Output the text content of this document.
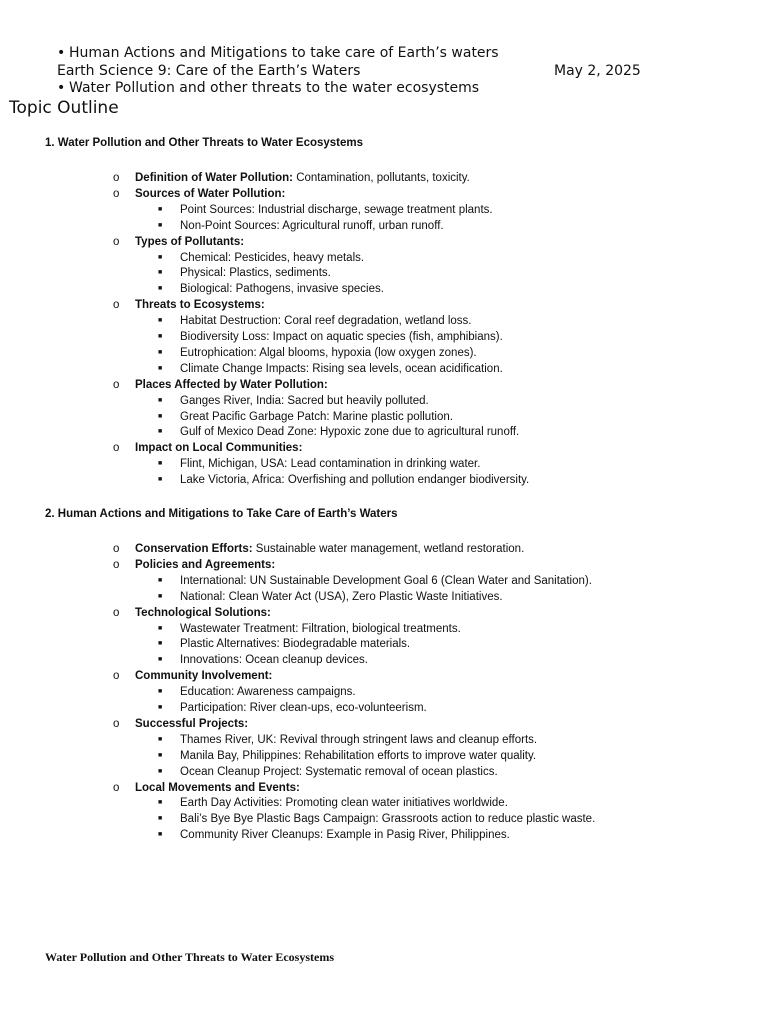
• Human Actions and Mitigations to take care of Earth’s waters
Earth Science 9: Care of the Earth’s Waters	May 2, 2025
• Water Pollution and other threats to the water ecosystems
Topic Outline
1. Water Pollution and Other Threats to Water Ecosystems
o Definition of Water Pollution: Contamination, pollutants, toxicity.
o Sources of Water Pollution:
■ Point Sources: Industrial discharge, sewage treatment plants.
■ Non-Point Sources: Agricultural runoff, urban runoff.
o Types of Pollutants:
■ Chemical: Pesticides, heavy metals.
■ Physical: Plastics, sediments.
■ Biological: Pathogens, invasive species.
o Threats to Ecosystems:
■ Habitat Destruction: Coral reef degradation, wetland loss.
■ Biodiversity Loss: Impact on aquatic species (fish, amphibians).
■ Eutrophication: Algal blooms, hypoxia (low oxygen zones).
■ Climate Change Impacts: Rising sea levels, ocean acidification.
o Places Affected by Water Pollution:
■ Ganges River, India: Sacred but heavily polluted.
■ Great Pacific Garbage Patch: Marine plastic pollution.
■ Gulf of Mexico Dead Zone: Hypoxic zone due to agricultural runoff.
o Impact on Local Communities:
■ Flint, Michigan, USA: Lead contamination in drinking water.
■ Lake Victoria, Africa: Overfishing and pollution endanger biodiversity.
2. Human Actions and Mitigations to Take Care of Earth’s Waters
o Conservation Efforts: Sustainable water management, wetland restoration.
o Policies and Agreements:
■ International: UN Sustainable Development Goal 6 (Clean Water and Sanitation).
■ National: Clean Water Act (USA), Zero Plastic Waste Initiatives.
o Technological Solutions:
■ Wastewater Treatment: Filtration, biological treatments.
■ Plastic Alternatives: Biodegradable materials.
■ Innovations: Ocean cleanup devices.
o Community Involvement:
■ Education: Awareness campaigns.
■ Participation: River clean-ups, eco-volunteerism.
o Successful Projects:
■ Thames River, UK: Revival through stringent laws and cleanup efforts.
■ Manila Bay, Philippines: Rehabilitation efforts to improve water quality.
■ Ocean Cleanup Project: Systematic removal of ocean plastics.
o Local Movements and Events:
■ Earth Day Activities: Promoting clean water initiatives worldwide.
■ Bali’s Bye Bye Plastic Bags Campaign: Grassroots action to reduce plastic waste.
■ Community River Cleanups: Example in Pasig River, Philippines.
Water Pollution and Other Threats to Water Ecosystems
